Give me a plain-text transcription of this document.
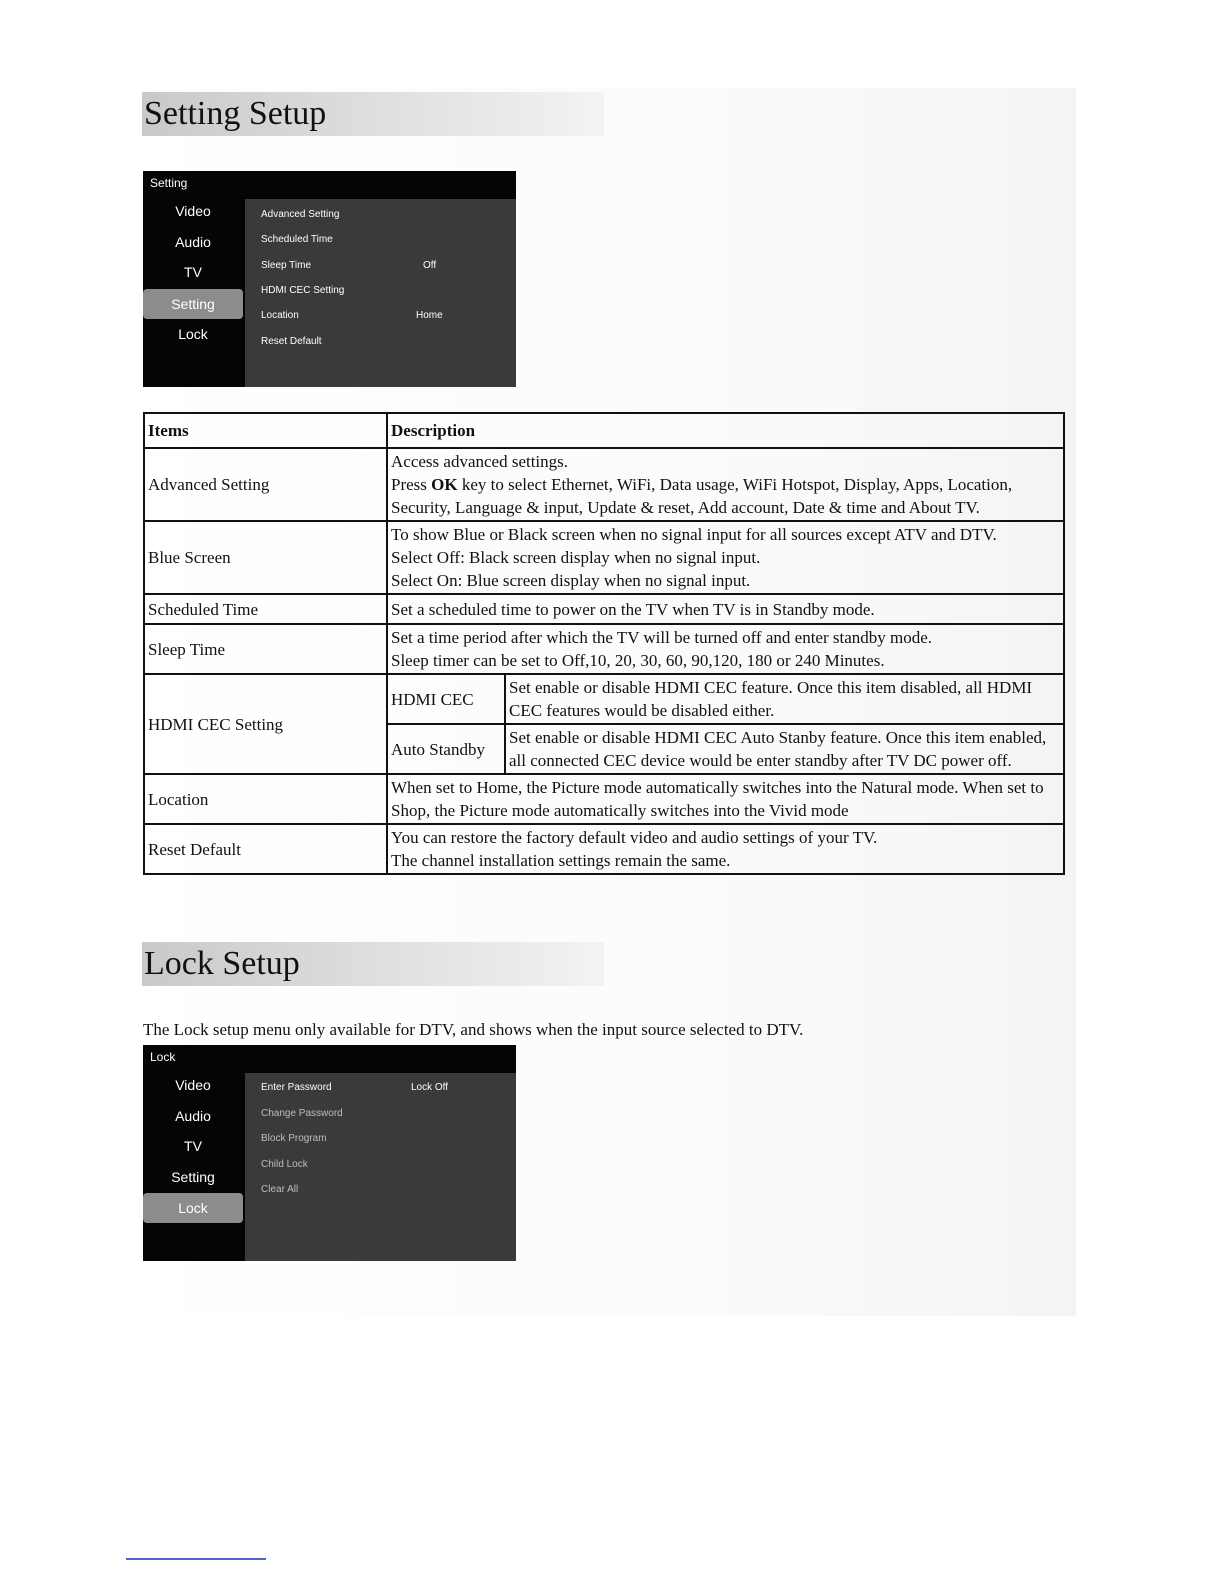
Setting Setup
Setting
Video
Audio
TV
Setting
Lock
Advanced Setting
Scheduled Time
Sleep Time	Off
HDMI CEC Setting
Location	Home
Reset Default
Items	Description	
Advanced Setting	Access advanced settings.
Press OK key to select Ethernet, WiFi, Data usage, WiFi Hotspot, Display, Apps, Location, Security, Language & input, Update & reset, Add account, Date & time and About TV.	

Blue Screen	To show Blue or Black screen when no signal input for all sources except ATV and DTV.
Select Off: Black screen display when no signal input.
Select On: Blue screen display when no signal input.	

Scheduled Time	Set a scheduled time to power on the TV when TV is in Standby mode.	
Sleep Time	Set a time period after which the TV will be turned off and enter standby mode.
Sleep timer can be set to Off,10, 20, 30, 60, 90,120, 180 or 240 Minutes.	

HDMI CEC Setting	HDMI CEC	Set enable or disable HDMI CEC feature. Once this item disabled, all HDMI CEC features would be disabled either.
	Auto Standby	Set enable or disable HDMI CEC Auto Stanby feature. Once this item enabled, all connected CEC device would be enter standby after TV DC power off.
Location	When set to Home, the Picture mode automatically switches into the Natural mode. When set to Shop, the Picture mode automatically switches into the Vivid mode	
Reset Default	You can restore the factory default video and audio settings of your TV.
The channel installation settings remain the same.	
Lock Setup
The Lock setup menu only available for DTV, and shows when the input source selected to DTV.
Lock
Video
Audio
TV
Setting
Lock
Enter Password	Lock Off
Change Password
Block Program
Child Lock
Clear All
